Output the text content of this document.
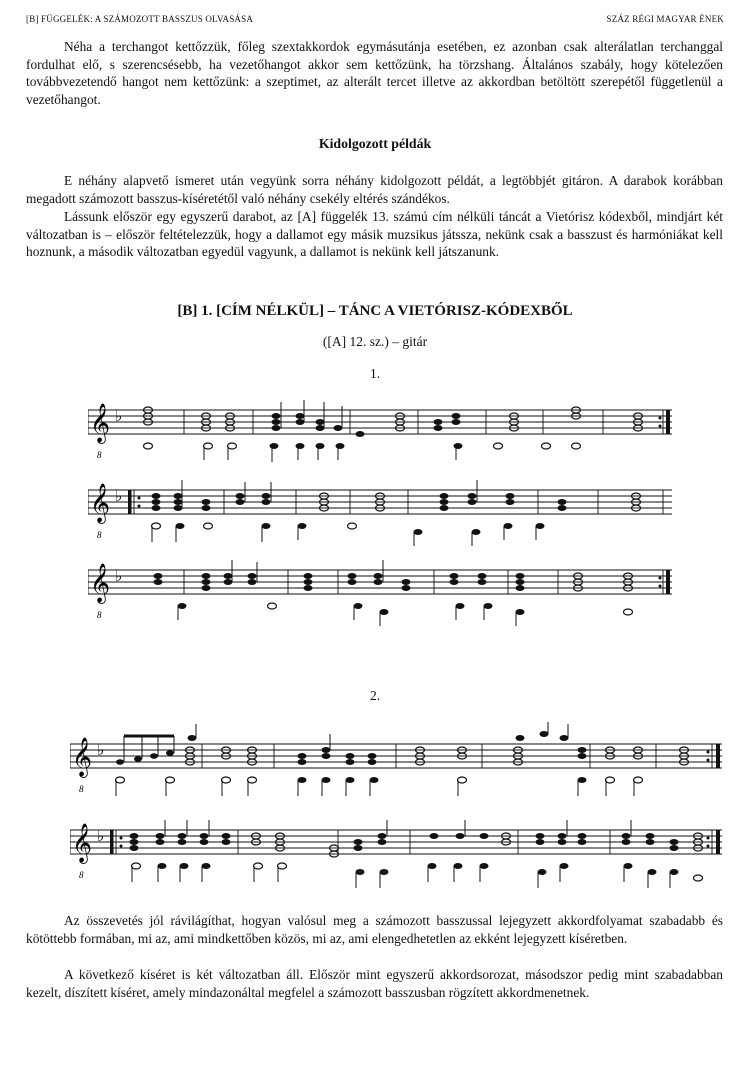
[B] FÜGGELÉK: A SZÁMOZOTT BASSZUS OLVASÁSA	SZÁZ RÉGI MAGYAR ÉNEK

Néha a terchangot kettőzzük, főleg szextakkordok egymásutánja esetében, ez azonban csak alterálatlan terchanggal fordulhat elő, s szerencsésebb, ha vezetőhangot akkor sem kettőzünk, ha törzshang. Általános szabály, hogy kötelezően továbbvezetendő hangot nem kettőzünk: a szeptimet, az alterált tercet illetve az akkordban betöltött szerepétől függetlenül a vezetőhangot.

Kidolgozott példák

E néhány alapvető ismeret után vegyünk sorra néhány kidolgozott példát, a legtöbbjét gitáron. A darabok korábban megadott számozott basszus-kíséretétől való néhány csekély eltérés szándékos.

Lássunk először egy egyszerű darabot, az [A] függelék 13. számú cím nélküli táncát a Vietórisz kódexből, mindjárt két változatban is – először feltételezzük, hogy a dallamot egy másik muzsikus játssza, nekünk csak a basszust és harmóniákat kell hoznunk, a második változatban egyedül vagyunk, a dallamot is nekünk kell játszanunk.

[B] 1. [CÍM NÉLKÜL] – TÁNC A VIETÓRISZ-KÓDEXBŐL

([A] 12. sz.) – gitár

1.

𝄞
8
♭
𝄞
8
♭
𝄞
8
♭

2.

𝄞
8
♭
𝄞
8
♭

Az összevetés jól rávilágíthat, hogyan valósul meg a számozott basszussal lejegyzett akkordfolyamat szabadabb és kötöttebb formában, mi az, ami mindkettőben közös, mi az, ami elengedhetetlen az ekként lejegyzett kíséretben.

A következő kíséret is két változatban áll. Először mint egyszerű akkordsorozat, másodszor pedig mint szabadabban kezelt, díszített kíséret, amely mindazonáltal megfelel a számozott basszusban rögzített akkordmenetnek.
